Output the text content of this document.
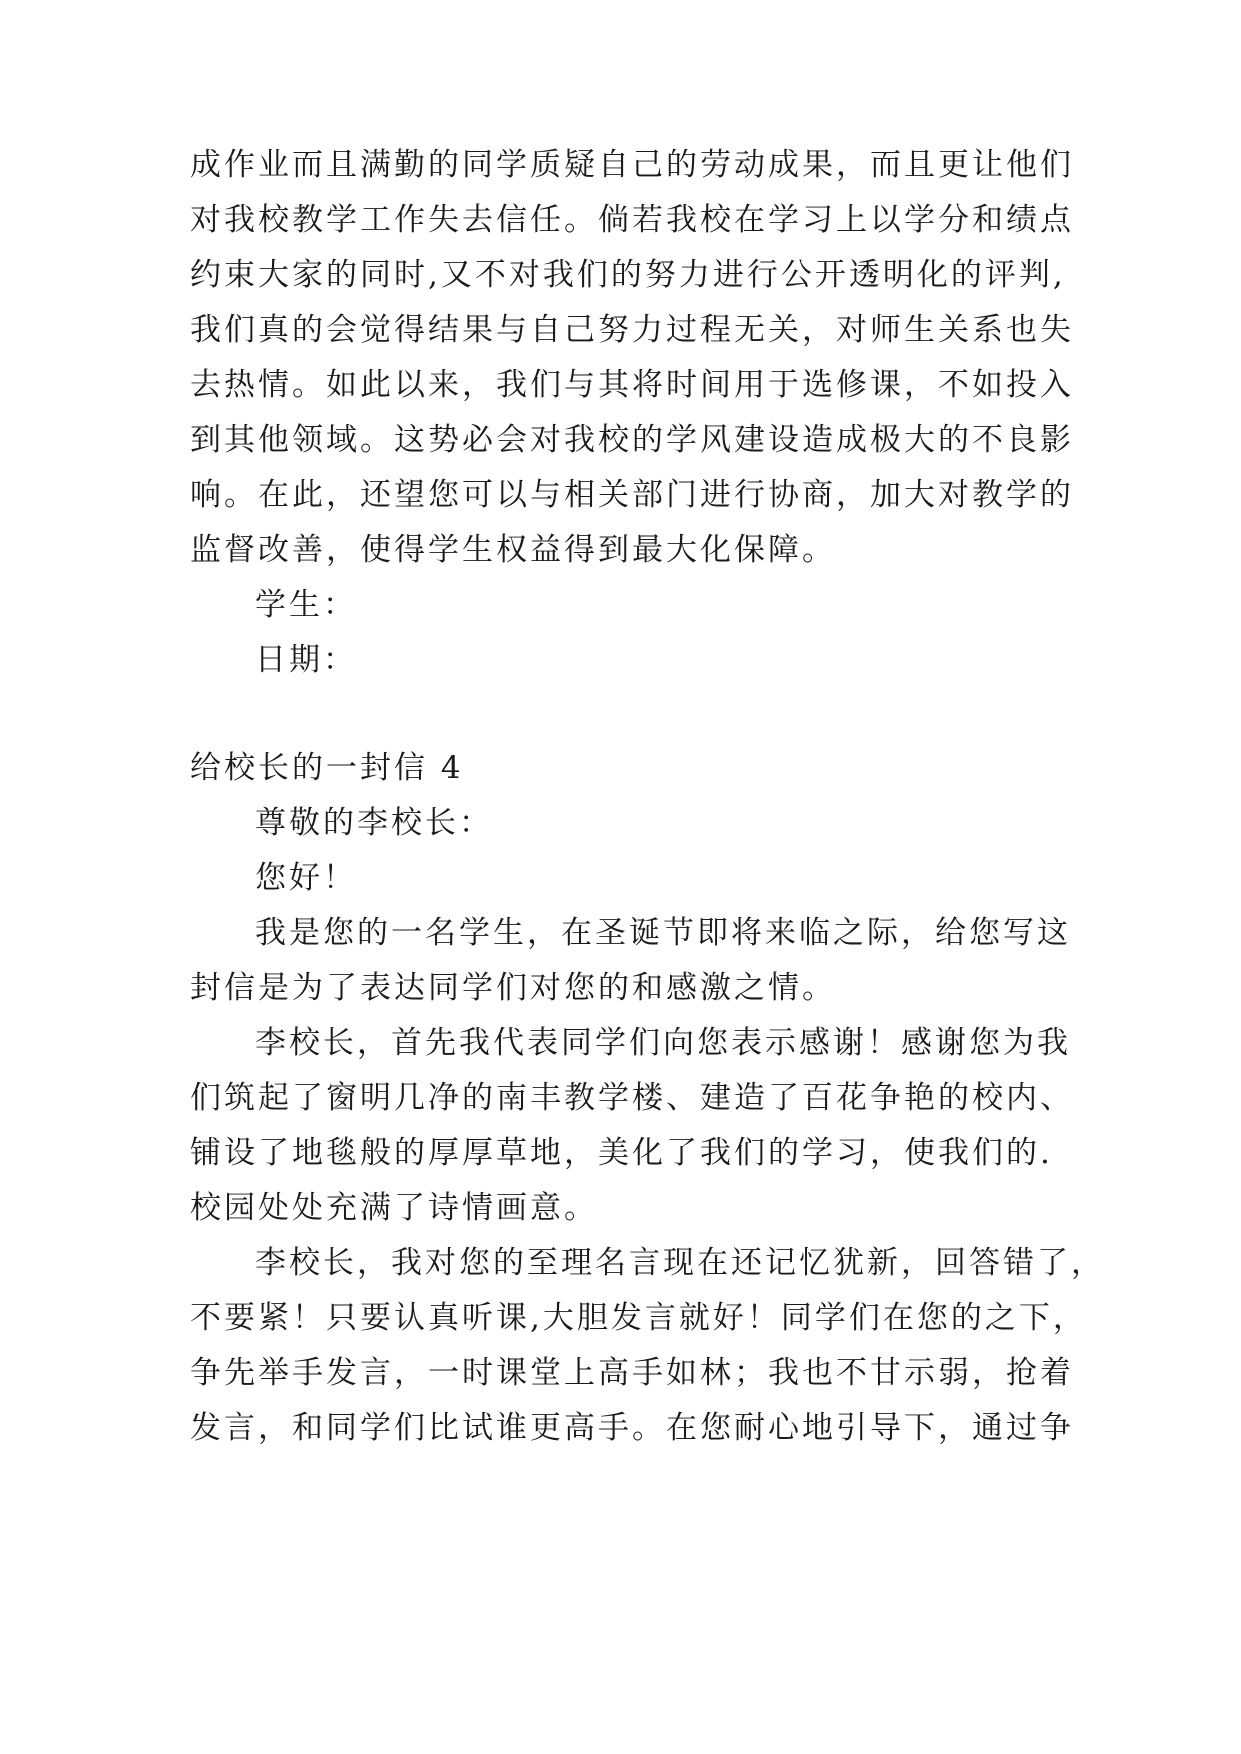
成作业而且满勤的同学质疑自己的劳动成果，而且更让他们
对我校教学工作失去信任。倘若我校在学习上以学分和绩点
约束大家的同时,又不对我们的努力进行公开透明化的评判,
我们真的会觉得结果与自己努力过程无关，对师生关系也失
去热情。如此以来，我们与其将时间用于选修课，不如投入
到其他领域。这势必会对我校的学风建设造成极大的不良影
响。在此，还望您可以与相关部门进行协商，加大对教学的
监督改善，使得学生权益得到最大化保障。
学生：
日期：
给校长的一封信 4
尊敬的李校长：
您好！
我是您的一名学生，在圣诞节即将来临之际，给您写这
封信是为了表达同学们对您的和感激之情。
李校长，首先我代表同学们向您表示感谢！感谢您为我
们筑起了窗明几净的南丰教学楼、建造了百花争艳的校内、
铺设了地毯般的厚厚草地，美化了我们的学习，使我们的.
校园处处充满了诗情画意。
李校长，我对您的至理名言现在还记忆犹新，回答错了，
不要紧！只要认真听课,大胆发言就好！同学们在您的之下，
争先举手发言，一时课堂上高手如林；我也不甘示弱，抢着
发言，和同学们比试谁更高手。在您耐心地引导下，通过争
